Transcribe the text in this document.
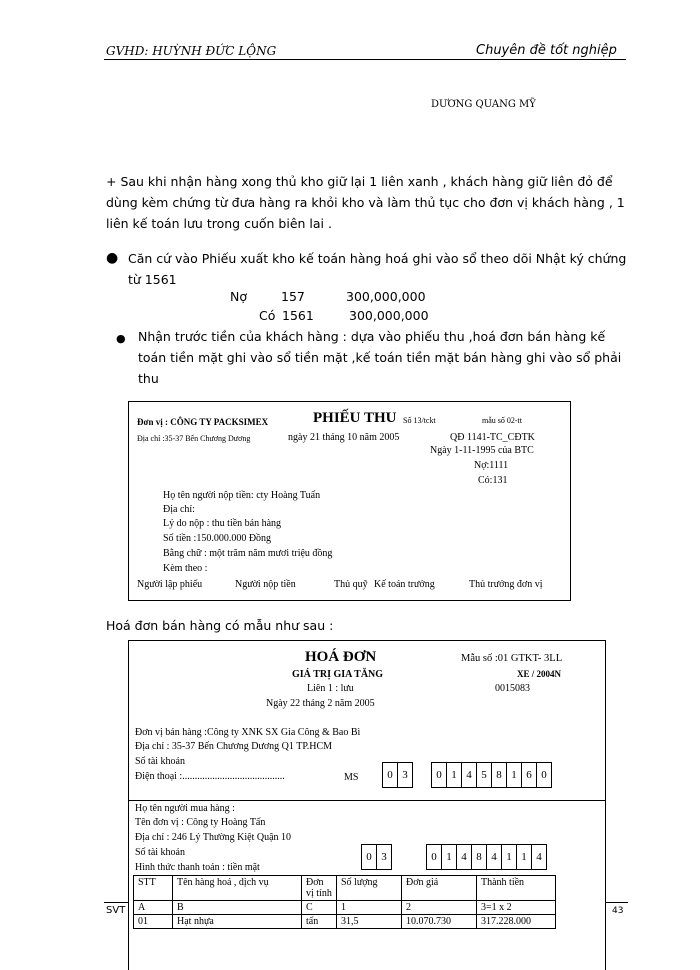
GVHD: HUỲNH ĐỨC LỘNG	Chuyên đề tốt nghiệp
DƯƠNG QUANG MỸ
+ Sau khi nhận hàng xong thủ kho giữ lại 1 liên xanh , khách hàng giữ liên đỏ để dùng kèm chứng từ đưa hàng ra khỏi kho và làm thủ tục cho đơn vị khách hàng , 1 liên kế toán lưu trong cuốn biên lai .
● Căn cứ vào Phiếu xuất kho kế toán hàng hoá ghi vào sổ theo dõi Nhật ký chứng từ 1561
Nợ	157	300,000,000
Có 1561	300,000,000
● Nhận trước tiền của khách hàng : dựa vào phiếu thu ,hoá đơn bán hàng kế toán tiền mặt ghi vào sổ tiền mặt ,kế toán tiền mặt bán hàng ghi vào sổ phải thu
Đơn vị : CÔNG TY PACKSIMEX	PHIẾU THU Số 13/tckt	mẫu số 02-tt
Địa chỉ :35-37 Bến Chương Dương	ngày 21 tháng 10 năm 2005	QĐ 1141-TC_CĐTK
Ngày 1-11-1995 của BTC
Nợ:1111
Có:131
Họ tên người nộp tiền: cty Hoàng Tuấn
Địa chỉ:
Lý do nộp : thu tiền bán hàng
Số tiền :150.000.000 Đồng
Bằng chữ : một trăm năm mươi triệu đồng
Kèm theo :
Người lập phiếu	Người nộp tiền	Thủ quỹ Kế toán trưởng	Thủ trưởng đơn vị
Hoá đơn bán hàng có mẫu như sau :
HOÁ ĐƠN
GIÁ TRỊ GIA TĂNG
Liên 1 : lưu
Ngày 22 tháng 2 năm 2005
Mẫu số :01 GTKT- 3LL
XE / 2004N
0015083
Đơn vị bán hàng :Công ty XNK SX Gia Công & Bao Bì
Địa chỉ : 35-37 Bến Chương Dương Q1 TP.HCM
Số tài khoản
Điện thoại :.........................................	MS	0 3	0 1 4 5 8 1 6 0
Họ tên người mua hàng :
Tên đơn vị : Công ty Hoàng Tấn
Địa chỉ : 246 Lý Thường Kiệt Quận 10
Số tài khoản
Hình thức thanh toán : tiền mặt
0 3	0 1 4 8 4 1 1 4
STT	Tên hàng hoá , dịch vụ	Đơn vị tính	Số lượng	Đơn giá	Thành tiền
A	B	C	1	2	3=1 x 2
01	Hạt nhựa	tấn	31,5	10.070.730	317.228.000
SVT	43
